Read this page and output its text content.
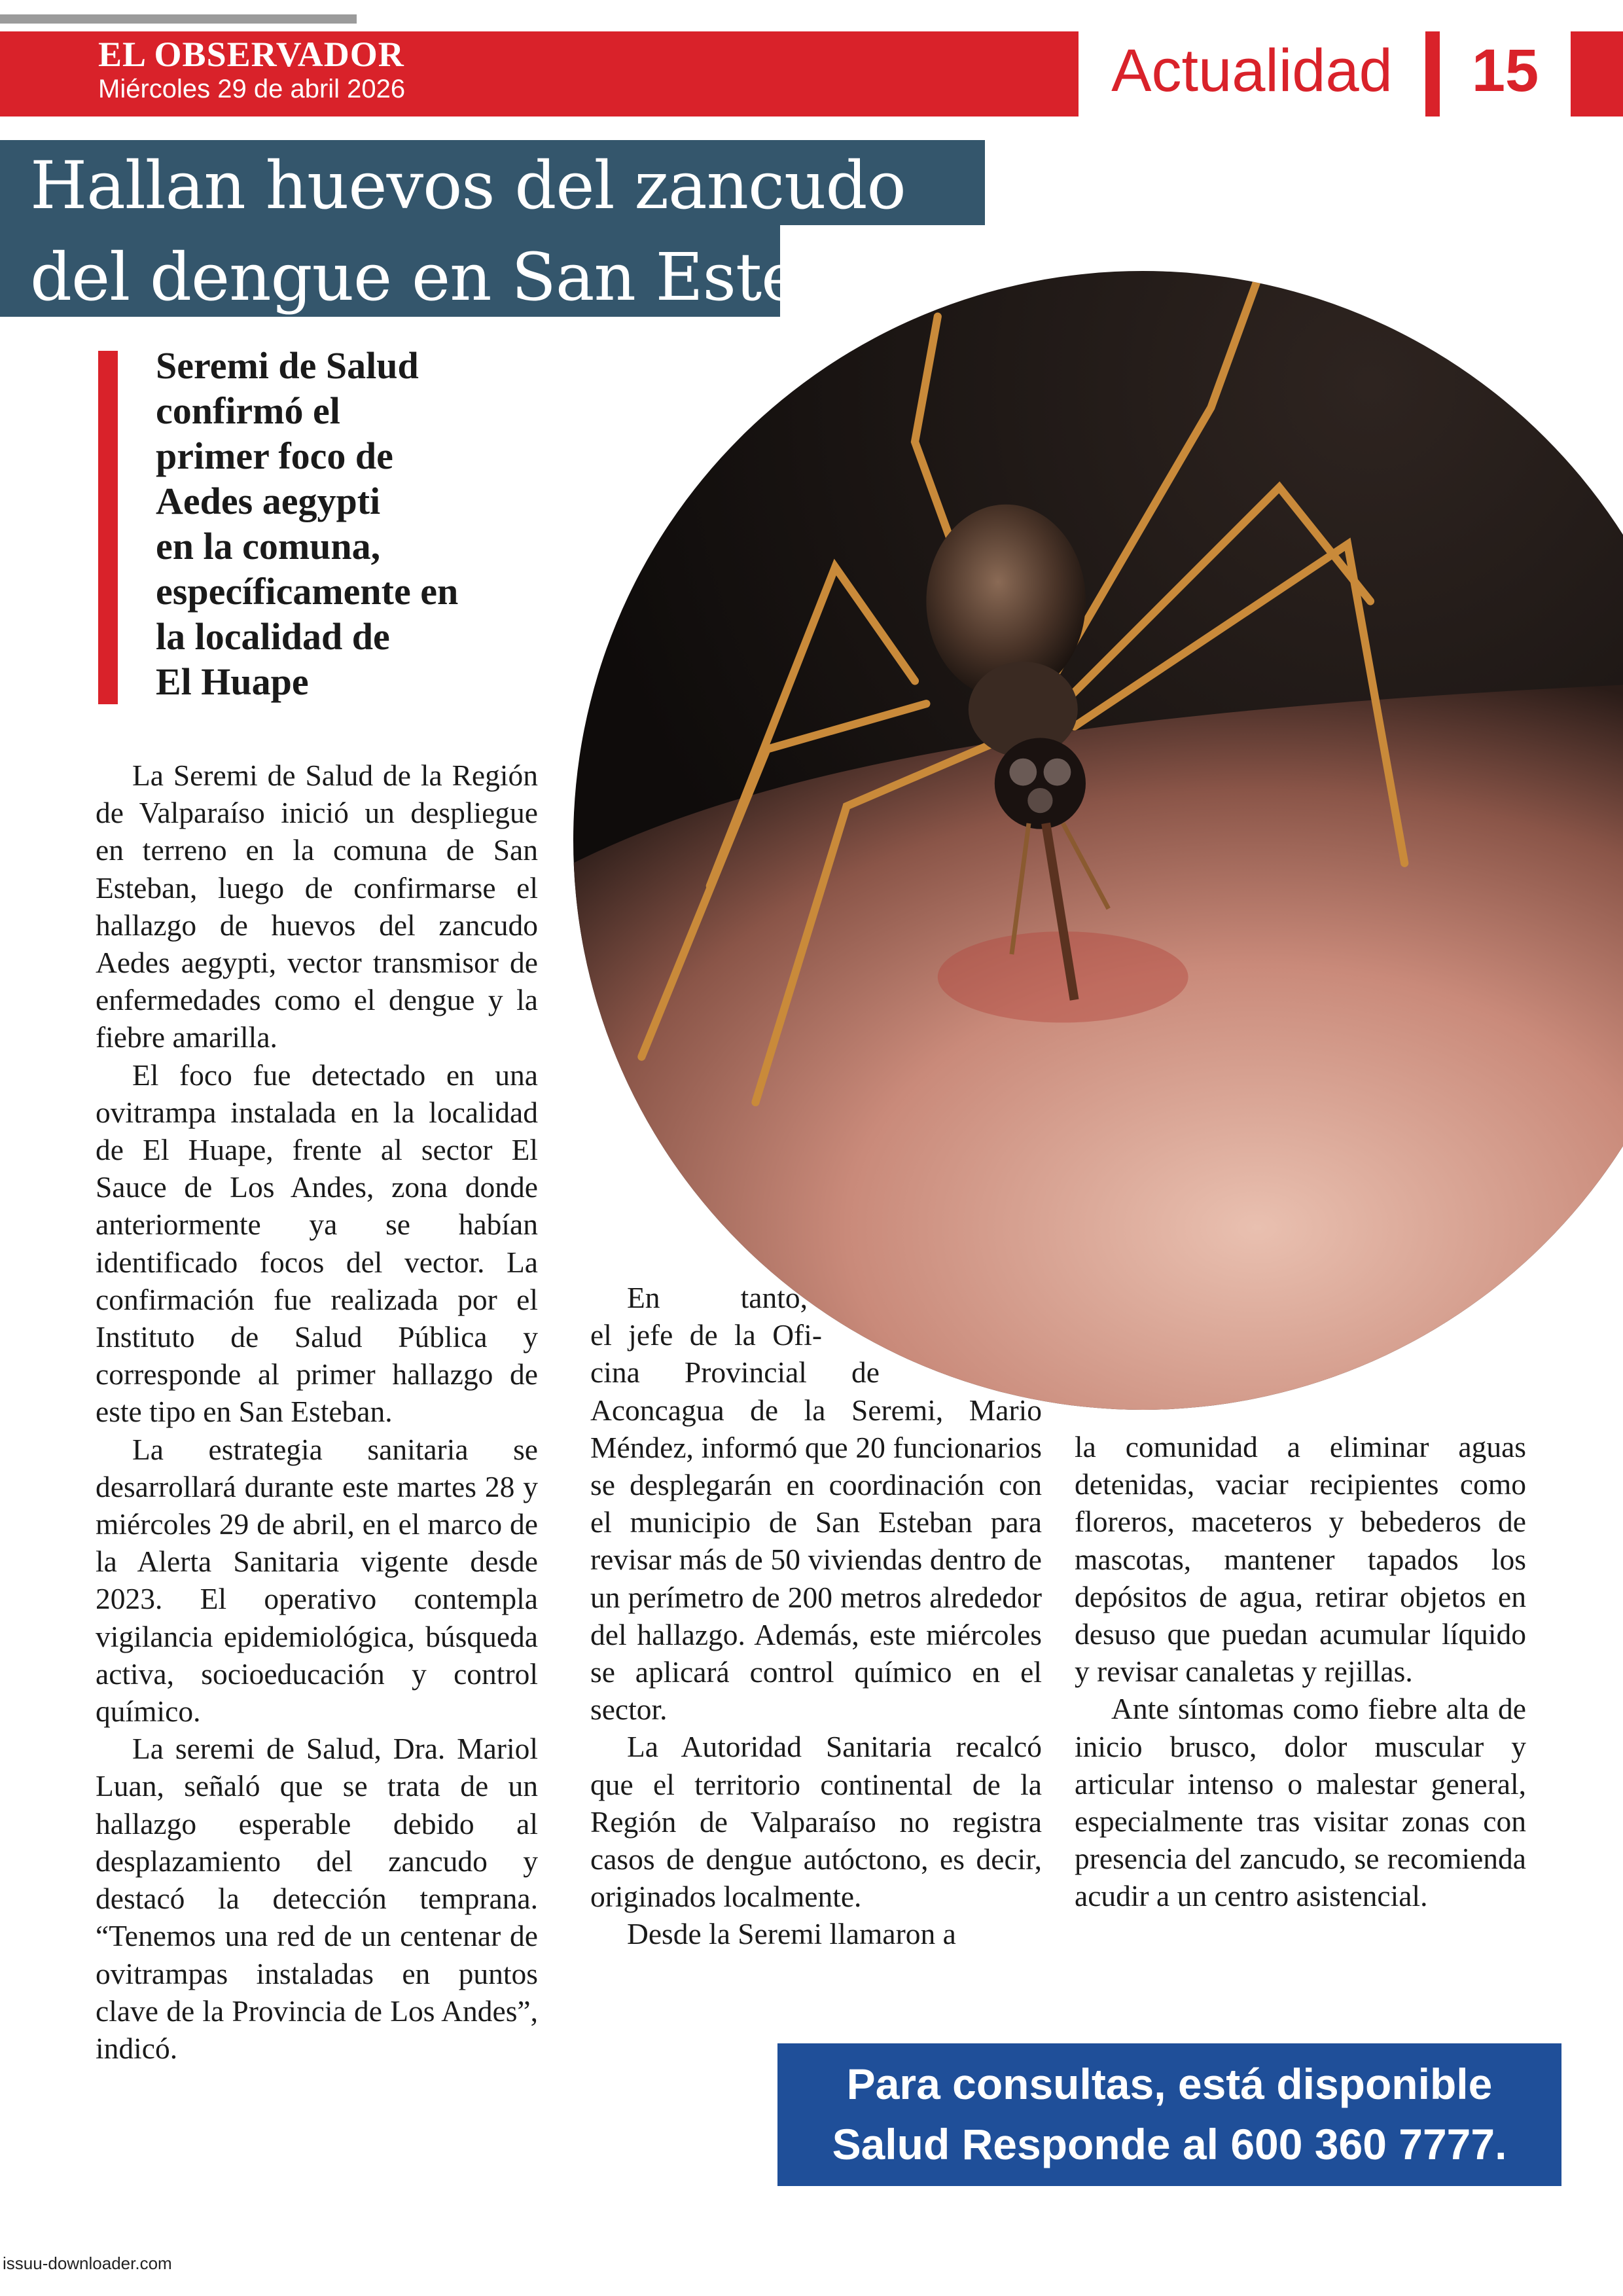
EL OBSERVADOR
Miércoles 29 de abril 2026	Actualidad	15
Hallan huevos del zancudo del dengue en San Esteban
Seremi de Salud
confirmó el
primer foco de
Aedes aegypti
en la comuna,
específicamente en
la localidad de
El Huape

La Seremi de Salud de la Región de Valparaíso inició un despliegue en terreno en la comuna de San Esteban, luego de confirmarse el hallazgo de huevos del zancudo Aedes aegypti, vector transmisor de enfermedades como el dengue y la fiebre amarilla.

El foco fue detectado en una ovitrampa instalada en la localidad de El Huape, frente al sector El Sauce de Los Andes, zona donde anteriormente ya se habían identificado focos del vector. La confirmación fue realizada por el Instituto de Salud Pública y corresponde al primer hallazgo de este tipo en San Esteban.

La estrategia sanitaria se desarrollará durante este martes 28 y miércoles 29 de abril, en el marco de la Alerta Sanitaria vigente desde 2023. El operativo contempla vigilancia epidemiológica, búsqueda activa, socioeducación y control químico.

La seremi de Salud, Dra. Mariol Luan, señaló que se trata de un hallazgo esperable debido al desplazamiento del zancudo y destacó la detección temprana. “Tenemos una red de un centenar de ovitrampas instaladas en puntos clave de la Provincia de Los Andes”, indicó.

En tanto,
el jefe de la Ofi-
cina Provincial de

Aconcagua de la Seremi, Mario Méndez, informó que 20 funcionarios se desplegarán en coordinación con el municipio de San Esteban para revisar más de 50 viviendas dentro de un perímetro de 200 metros alrededor del hallazgo. Además, este miércoles se aplicará control químico en el sector.

La Autoridad Sanitaria recalcó que el territorio continental de la Región de Valparaíso no registra casos de dengue autóctono, es decir, originados localmente.

Desde la Seremi llamaron a

la comunidad a eliminar aguas detenidas, vaciar recipientes como floreros, maceteros y bebederos de mascotas, mantener tapados los depósitos de agua, retirar objetos en desuso que puedan acumular líquido y revisar canaletas y rejillas.

Ante síntomas como fiebre alta de inicio brusco, dolor muscular y articular intenso o malestar general, especialmente tras visitar zonas con presencia del zancudo, se recomienda acudir a un centro asistencial.

Para consultas, está disponible
Salud Responde al 600 360 7777.
issuu-downloader.com
